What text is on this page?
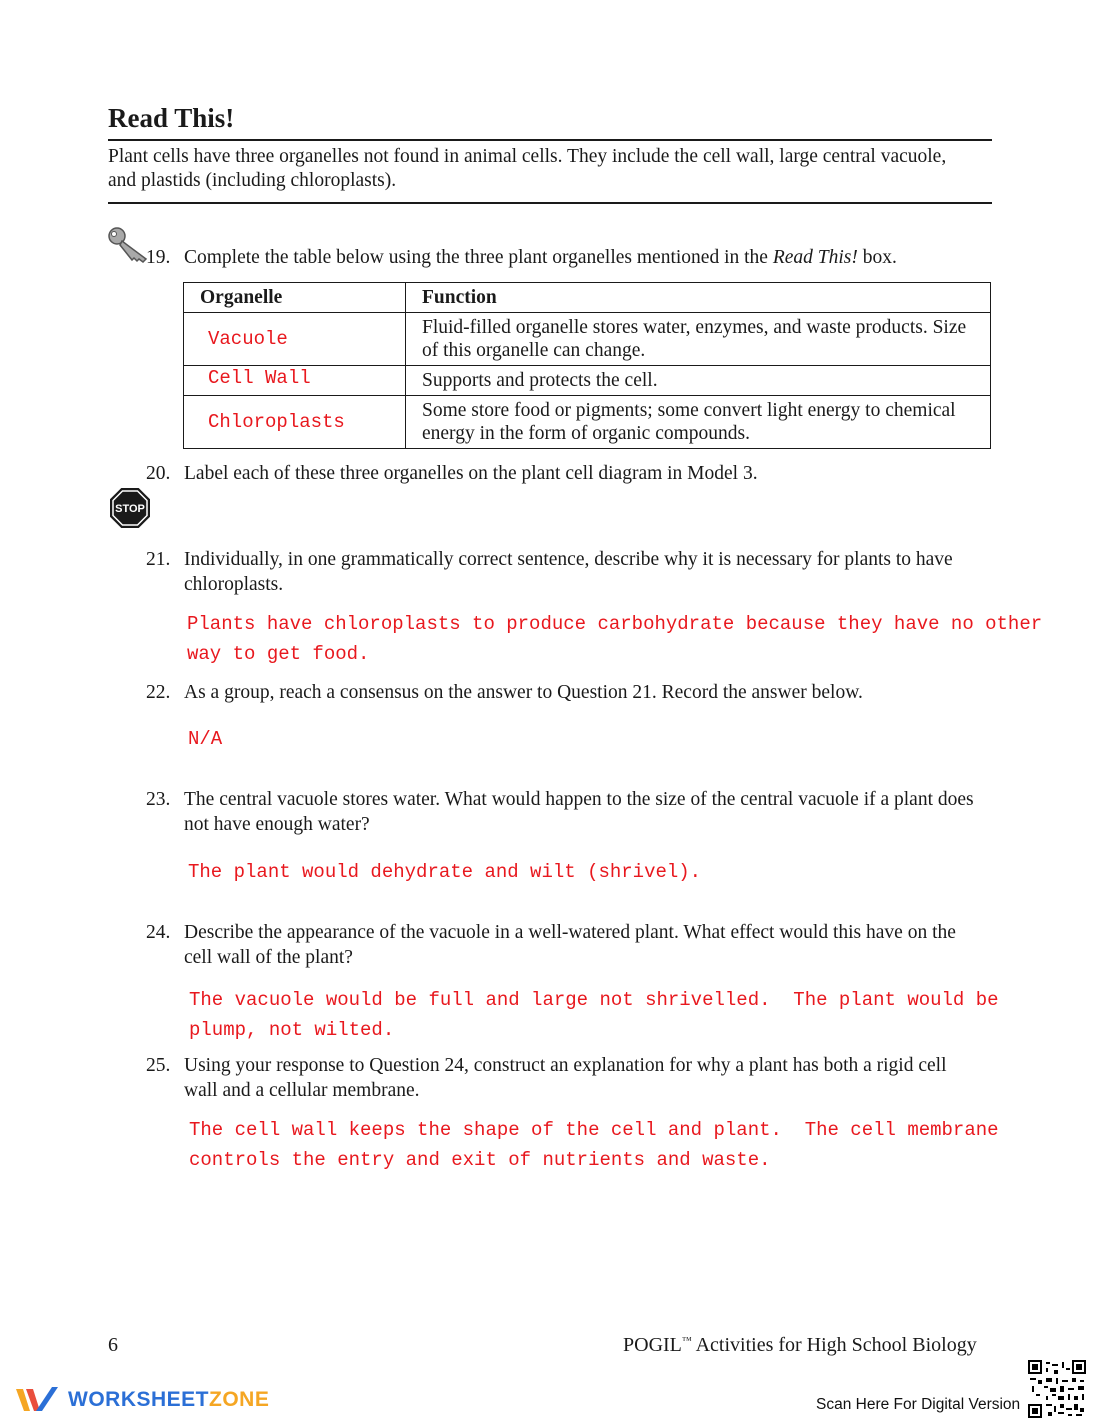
Read This!
Plant cells have three organelles not found in animal cells. They include the cell wall, large central vacuole, and plastids (including chloroplasts).
19. Complete the table below using the three plant organelles mentioned in the Read This! box.
Organelle	Function
Vacuole	Fluid-filled organelle stores water, enzymes, and waste products. Size of this organelle can change.
Cell Wall	Supports and protects the cell.
Chloroplasts	Some store food or pigments; some convert light energy to chemical energy in the form of organic compounds.
20. Label each of these three organelles on the plant cell diagram in Model 3.
STOP
21. Individually, in one grammatically correct sentence, describe why it is necessary for plants to have chloroplasts.
Plants have chloroplasts to produce carbohydrate because they have no other way to get food.
22. As a group, reach a consensus on the answer to Question 21. Record the answer below.
N/A
23. The central vacuole stores water. What would happen to the size of the central vacuole if a plant does not have enough water?
The plant would dehydrate and wilt (shrivel).
24. Describe the appearance of the vacuole in a well-watered plant. What effect would this have on the cell wall of the plant?
The vacuole would be full and large not shrivelled.  The plant would be plump, not wilted.
25. Using your response to Question 24, construct an explanation for why a plant has both a rigid cell wall and a cellular membrane.
The cell wall keeps the shape of the cell and plant.  The cell membrane controls the entry and exit of nutrients and waste.
6	POGIL™ Activities for High School Biology
WORKSHEETZONE	Scan Here For Digital Version
